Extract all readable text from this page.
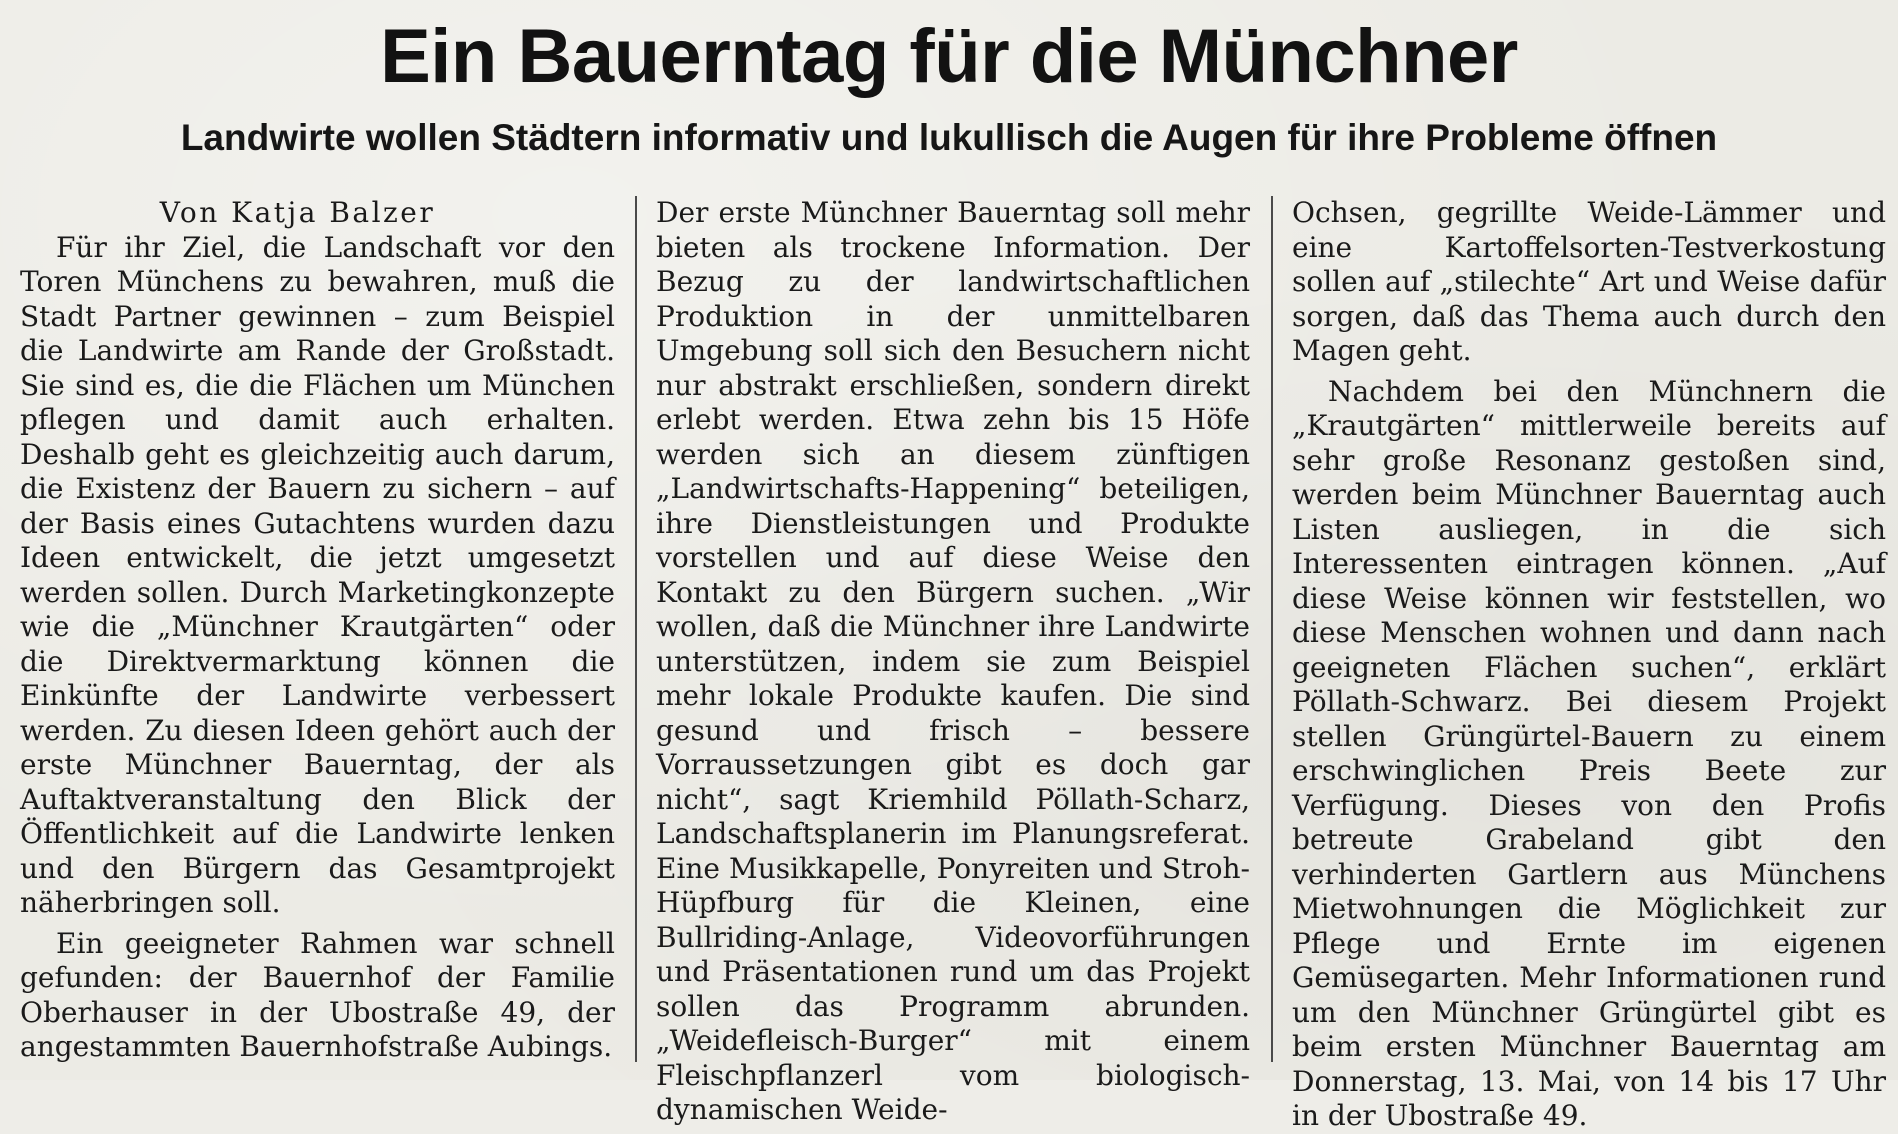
Ein Bauerntag für die Münchner
Landwirte wollen Städtern informativ und lukullisch die Augen für ihre Probleme öffnen

Von Katja Balzer

Für ihr Ziel, die Landschaft vor den Toren Münchens zu bewahren, muß die Stadt Partner gewinnen – zum Beispiel die Landwirte am Rande der Großstadt. Sie sind es, die die Flächen um München pflegen und damit auch erhalten. Deshalb geht es gleichzeitig auch darum, die Existenz der Bauern zu sichern – auf der Basis eines Gutachtens wurden dazu Ideen entwickelt, die jetzt umgesetzt werden sollen. Durch Marketingkonzepte wie die „Münchner Krautgärten“ oder die Direktvermarktung können die Einkünfte der Landwirte verbessert werden. Zu diesen Ideen gehört auch der erste Münchner Bauerntag, der als Auftaktveranstaltung den Blick der Öffentlichkeit auf die Landwirte lenken und den Bürgern das Gesamtprojekt näherbringen soll.

Ein geeigneter Rahmen war schnell gefunden: der Bauernhof der Familie Oberhauser in der Ubostraße 49, der angestammten Bauernhofstraße Aubings.

Der erste Münchner Bauerntag soll mehr bieten als trockene Information. Der Bezug zu der landwirtschaftlichen Produktion in der unmittelbaren Umgebung soll sich den Besuchern nicht nur abstrakt erschließen, sondern direkt erlebt werden. Etwa zehn bis 15 Höfe werden sich an diesem zünftigen „Landwirtschafts-Happening“ beteiligen, ihre Dienstleistungen und Produkte vorstellen und auf diese Weise den Kontakt zu den Bürgern suchen. „Wir wollen, daß die Münchner ihre Landwirte unterstützen, indem sie zum Beispiel mehr lokale Produkte kaufen. Die sind gesund und frisch – bessere Vorraussetzungen gibt es doch gar nicht“, sagt Kriemhild Pöllath-Scharz, Landschaftsplanerin im Planungsreferat. Eine Musikkapelle, Ponyreiten und Stroh-Hüpfburg für die Kleinen, eine Bullriding-Anlage, Videovorführungen und Präsentationen rund um das Projekt sollen das Programm abrunden. „Weidefleisch-Burger“ mit einem Fleischpflanzerl vom biologisch-dynamischen Weide-

Ochsen, gegrillte Weide-Lämmer und eine Kartoffelsorten-Testverkostung sollen auf „stilechte“ Art und Weise dafür sorgen, daß das Thema auch durch den Magen geht.

Nachdem bei den Münchnern die „Krautgärten“ mittlerweile bereits auf sehr große Resonanz gestoßen sind, werden beim Münchner Bauerntag auch Listen ausliegen, in die sich Interessenten eintragen können. „Auf diese Weise können wir feststellen, wo diese Menschen wohnen und dann nach geeigneten Flächen suchen“, erklärt Pöllath-Schwarz. Bei diesem Projekt stellen Grüngürtel-Bauern zu einem erschwinglichen Preis Beete zur Verfügung. Dieses von den Profis betreute Grabeland gibt den verhinderten Gartlern aus Münchens Mietwohnungen die Möglichkeit zur Pflege und Ernte im eigenen Gemüsegarten. Mehr Informationen rund um den Münchner Grüngürtel gibt es beim ersten Münchner Bauerntag am Donnerstag, 13. Mai, von 14 bis 17 Uhr in der Ubostraße 49.
